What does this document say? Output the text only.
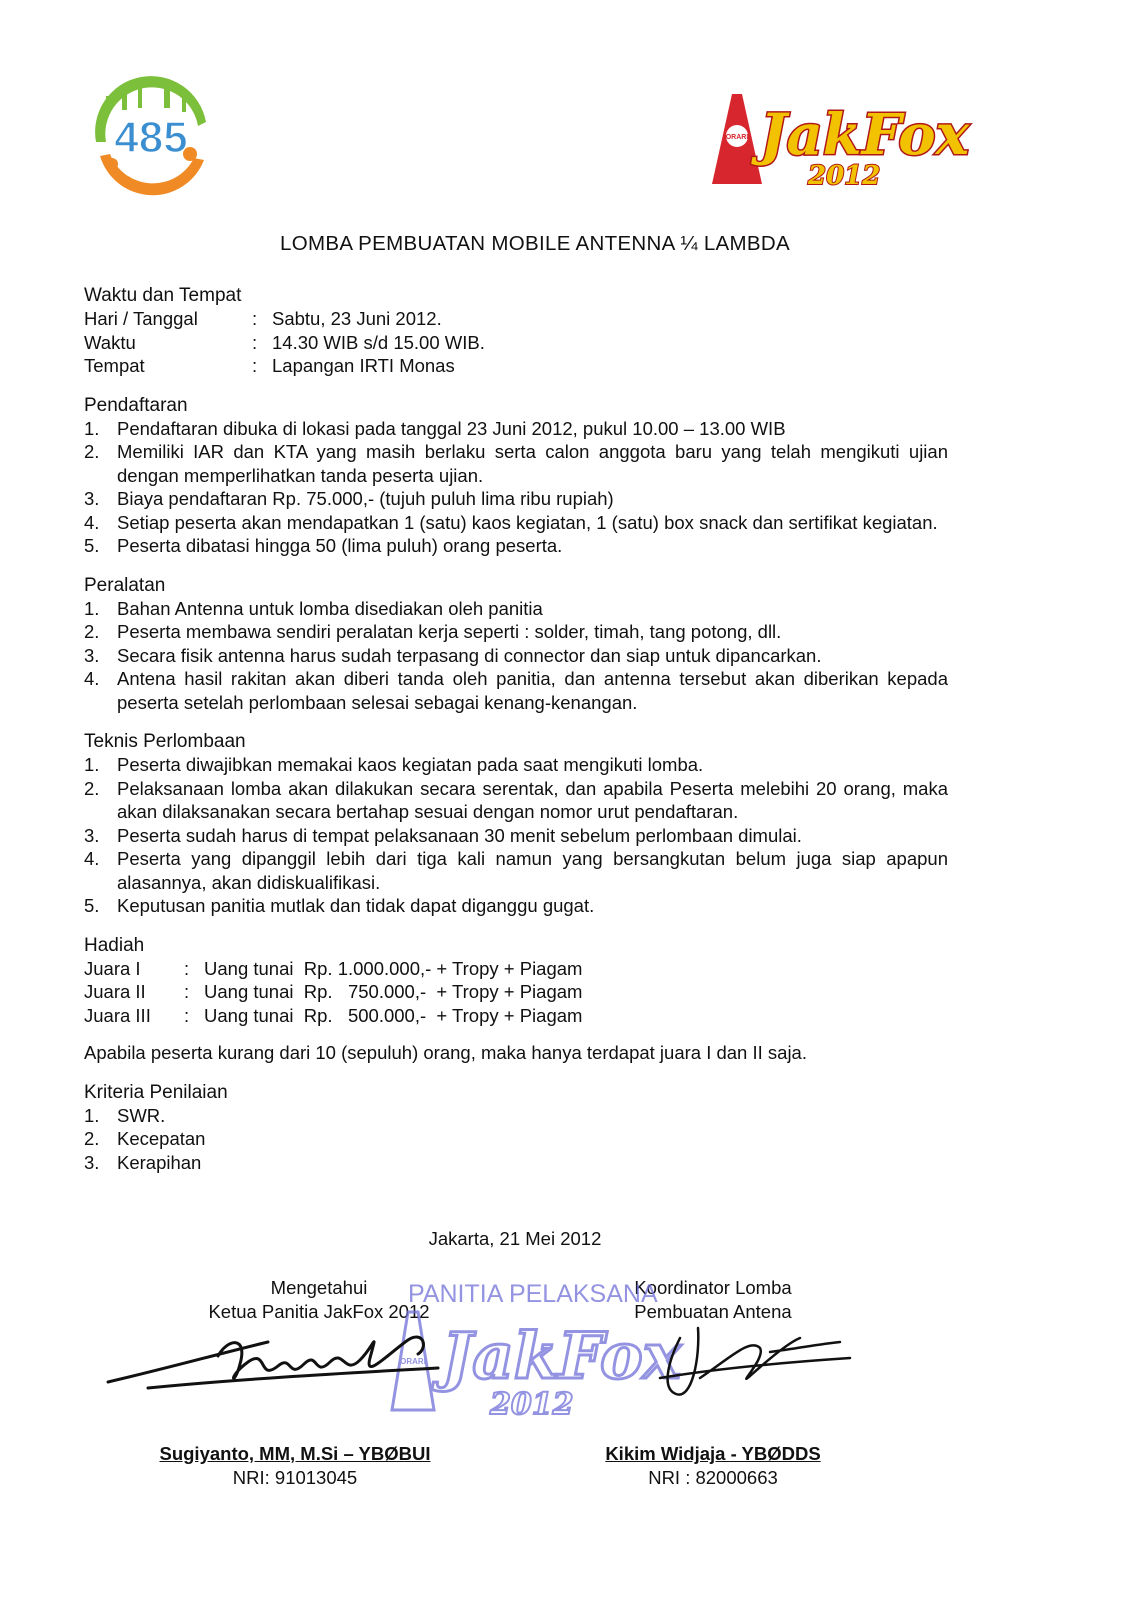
485
1527 - 2012
ORARI JakFox
2012
LOMBA PEMBUATAN MOBILE ANTENNA ¼ LAMBDA
Waktu dan Tempat
Hari / Tanggal	: Sabtu, 23 Juni 2012.
Waktu	: 14.30 WIB s/d 15.00 WIB.
Tempat	: Lapangan IRTI Monas
Pendaftaran
1. Pendaftaran dibuka di lokasi pada tanggal 23 Juni 2012, pukul 10.00 – 13.00 WIB
2. Memiliki IAR dan KTA yang masih berlaku serta calon anggota baru yang telah mengikuti ujian dengan memperlihatkan tanda peserta ujian.
3. Biaya pendaftaran Rp. 75.000,- (tujuh puluh lima ribu rupiah)
4. Setiap peserta akan mendapatkan 1 (satu) kaos kegiatan, 1 (satu) box snack dan sertifikat kegiatan.
5. Peserta dibatasi hingga 50 (lima puluh) orang peserta.
Peralatan
1. Bahan Antenna untuk lomba disediakan oleh panitia
2. Peserta membawa sendiri peralatan kerja seperti : solder, timah, tang potong, dll.
3. Secara fisik antenna harus sudah terpasang di connector dan siap untuk dipancarkan.
4. Antena hasil rakitan akan diberi tanda oleh panitia, dan antenna tersebut akan diberikan kepada peserta setelah perlombaan selesai sebagai kenang-kenangan.
Teknis Perlombaan
1. Peserta diwajibkan memakai kaos kegiatan pada saat mengikuti lomba.
2. Pelaksanaan lomba akan dilakukan secara serentak, dan apabila Peserta melebihi 20 orang, maka akan dilaksanakan secara bertahap sesuai dengan nomor urut pendaftaran.
3. Peserta sudah harus di tempat pelaksanaan 30 menit sebelum perlombaan dimulai.
4. Peserta yang dipanggil lebih dari tiga kali namun yang bersangkutan belum juga siap apapun alasannya, akan didiskualifikasi.
5. Keputusan panitia mutlak dan tidak dapat diganggu gugat.
Hadiah
Juara I	: Uang tunai  Rp. 1.000.000,- + Tropy + Piagam
Juara II	: Uang tunai  Rp.   750.000,-  + Tropy + Piagam
Juara III	: Uang tunai  Rp.   500.000,-  + Tropy + Piagam
Apabila peserta kurang dari 10 (sepuluh) orang, maka hanya terdapat juara I dan II saja.
Kriteria Penilaian
1. SWR.
2. Kecepatan
3. Kerapihan
Jakarta, 21 Mei 2012
Mengetahui
Ketua Panitia JakFox 2012
Koordinator Lomba
Pembuatan Antena
PANITIA PELAKSANA
ORARI JakFox
2012
Sugiyanto, MM, M.Si – YBØBUI
NRI: 91013045
Kikim Widjaja - YBØDDS
NRI : 82000663
